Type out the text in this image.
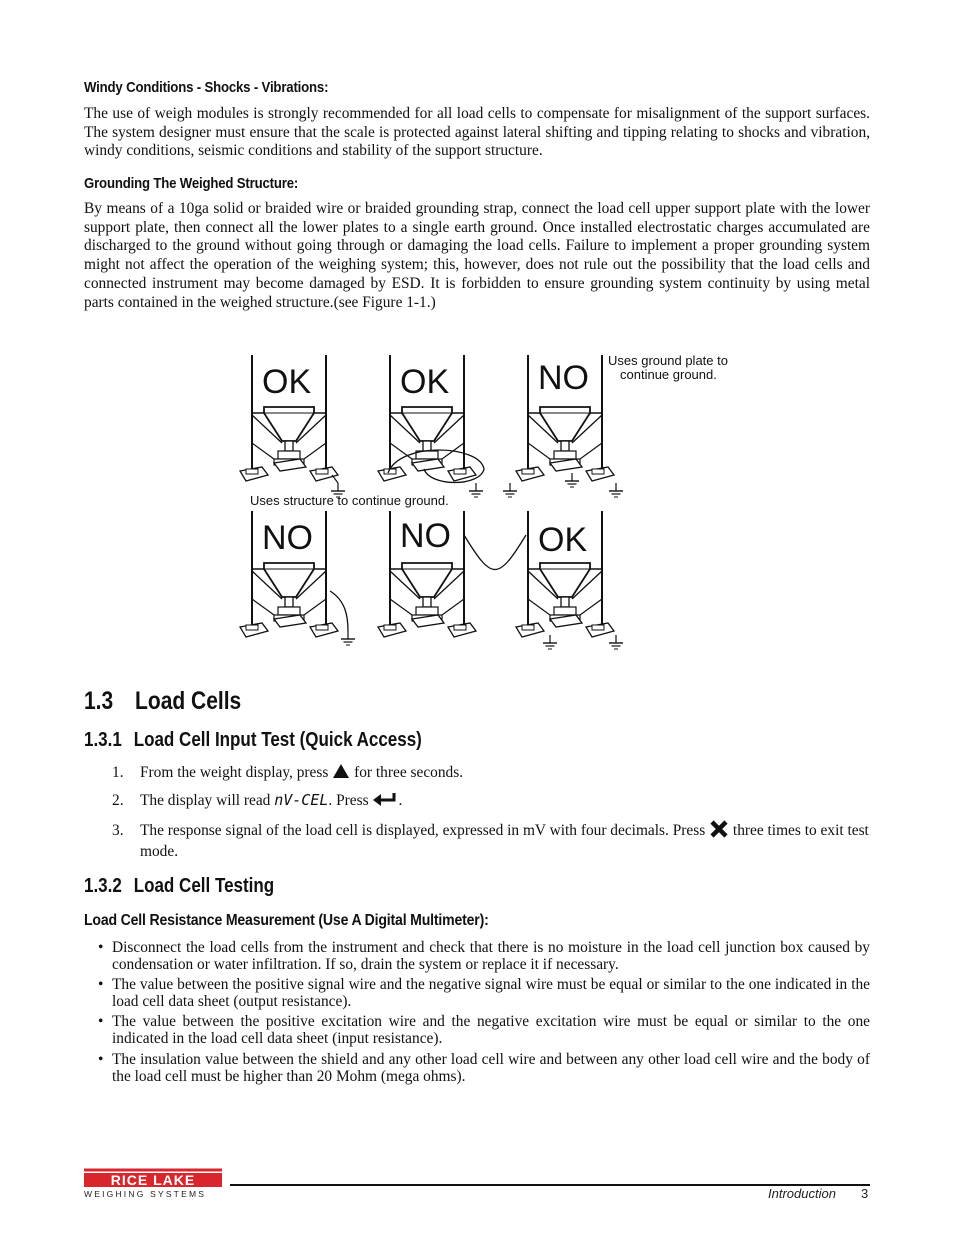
Windy Conditions - Shocks - Vibrations:
The use of weigh modules is strongly recommended for all load cells to compensate for misalignment of the support surfaces. The system designer must ensure that the scale is protected against lateral shifting and tipping relating to shocks and vibration, windy conditions, seismic conditions and stability of the support structure.
Grounding The Weighed Structure:
By means of a 10ga solid or braided wire or braided grounding strap, connect the load cell upper support plate with the lower support plate, then connect all the lower plates to a single earth ground. Once installed electrostatic charges accumulated are discharged to the ground without going through or damaging the load cells. Failure to implement a proper grounding system might not affect the operation of the weighing system; this, however, does not rule out the possibility that the load cells and connected instrument may become damaged by ESD. It is forbidden to ensure grounding system continuity by using metal parts contained in the weighed structure.(see Figure 1-1.)
OK	OK	NO
NO	NO	OK
Uses ground plate to
continue ground.
Uses structure to continue ground.
1.3 Load Cells
1.3.1 Load Cell Input Test (Quick Access)
1. From the weight display, press for three seconds.
2. The display will read nV-CEL. Press .
3. The response signal of the load cell is displayed, expressed in mV with four decimals. Press three times to exit test mode.
1.3.2 Load Cell Testing
Load Cell Resistance Measurement (Use A Digital Multimeter):
• Disconnect the load cells from the instrument and check that there is no moisture in the load cell junction box caused by condensation or water infiltration. If so, drain the system or replace it if necessary.
• The value between the positive signal wire and the negative signal wire must be equal or similar to the one indicated in the load cell data sheet (output resistance).
• The value between the positive excitation wire and the negative excitation wire must be equal or similar to the one indicated in the load cell data sheet (input resistance).
• The insulation value between the shield and any other load cell wire and between any other load cell wire and the body of the load cell must be higher than 20 Mohm (mega ohms).
RICE LAKE
WEIGHING SYSTEMS	Introduction 3
